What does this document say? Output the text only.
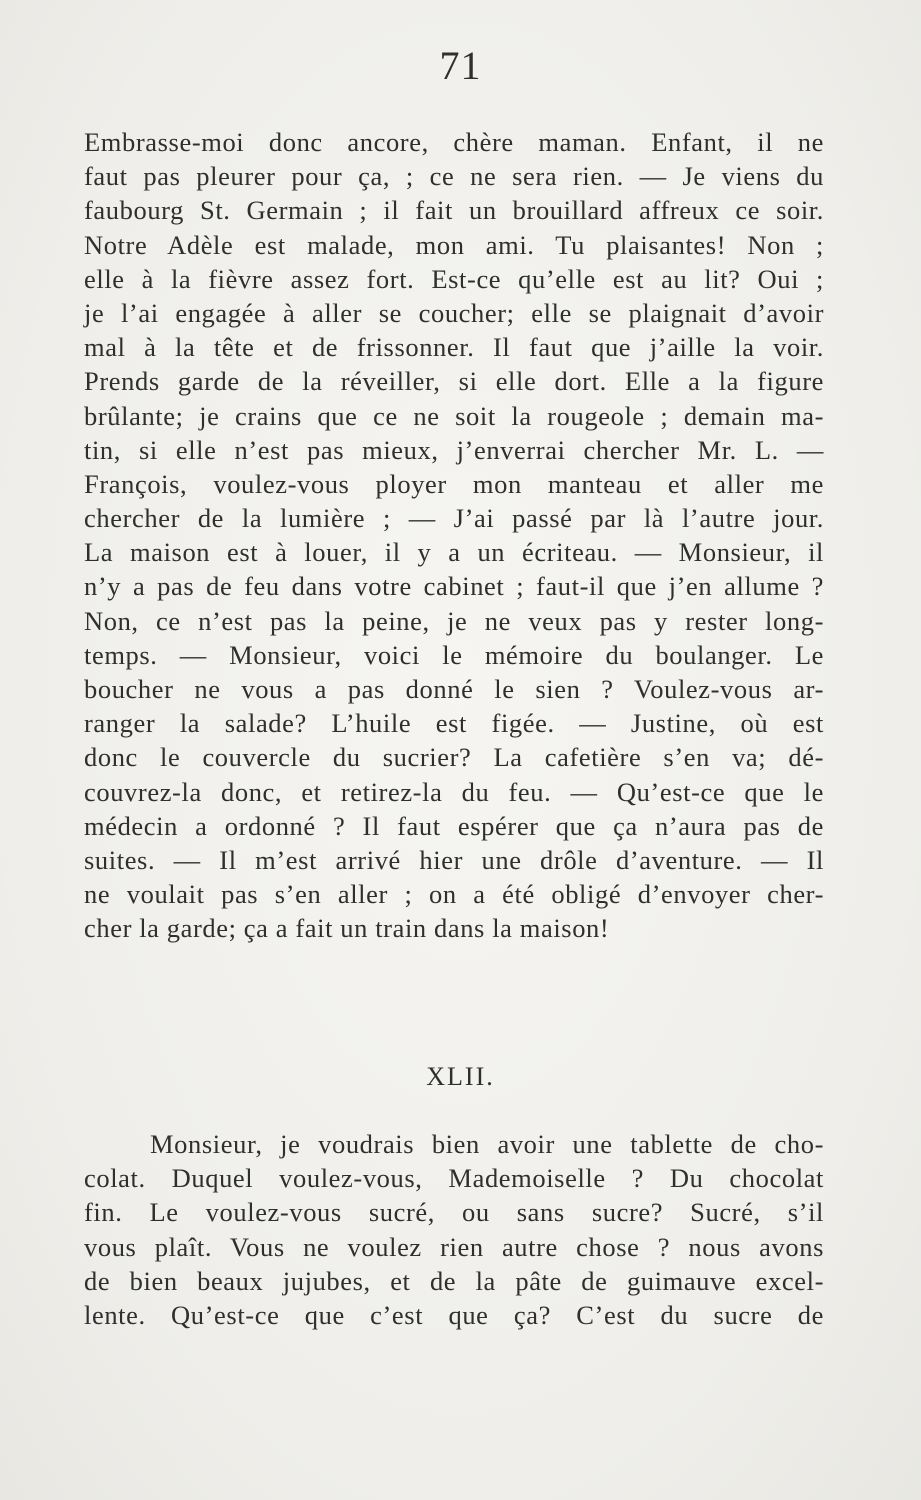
71
Embrasse-moi donc ancore, chère maman. Enfant, il ne
faut pas pleurer pour ça, ; ce ne sera rien. — Je viens du
faubourg St. Germain ; il fait un brouillard affreux ce soir.
Notre Adèle est malade, mon ami. Tu plaisantes! Non ;
elle à la fièvre assez fort. Est-ce qu’elle est au lit? Oui ;
je l’ai engagée à aller se coucher; elle se plaignait d’avoir
mal à la tête et de frissonner. Il faut que j’aille la voir.
Prends garde de la réveiller, si elle dort. Elle a la figure
brûlante; je crains que ce ne soit la rougeole ; demain ma-
tin, si elle n’est pas mieux, j’enverrai chercher Mr. L. —
François, voulez-vous ployer mon manteau et aller me
chercher de la lumière ; — J’ai passé par là l’autre jour.
La maison est à louer, il y a un écriteau. — Monsieur, il
n’y a pas de feu dans votre cabinet ; faut-il que j’en allume ?
Non, ce n’est pas la peine, je ne veux pas y rester long-
temps. — Monsieur, voici le mémoire du boulanger. Le
boucher ne vous a pas donné le sien ? Voulez-vous ar-
ranger la salade? L’huile est figée. — Justine, où est
donc le couvercle du sucrier? La cafetière s’en va; dé-
couvrez-la donc, et retirez-la du feu. — Qu’est-ce que le
médecin a ordonné ? Il faut espérer que ça n’aura pas de
suites. — Il m’est arrivé hier une drôle d’aventure. — Il
ne voulait pas s’en aller ; on a été obligé d’envoyer cher-
cher la garde; ça a fait un train dans la maison!
XLII.
Monsieur, je voudrais bien avoir une tablette de cho-
colat. Duquel voulez-vous, Mademoiselle ? Du chocolat
fin. Le voulez-vous sucré, ou sans sucre? Sucré, s’il
vous plaît. Vous ne voulez rien autre chose ? nous avons
de bien beaux jujubes, et de la pâte de guimauve excel-
lente. Qu’est-ce que c’est que ça? C’est du sucre de
